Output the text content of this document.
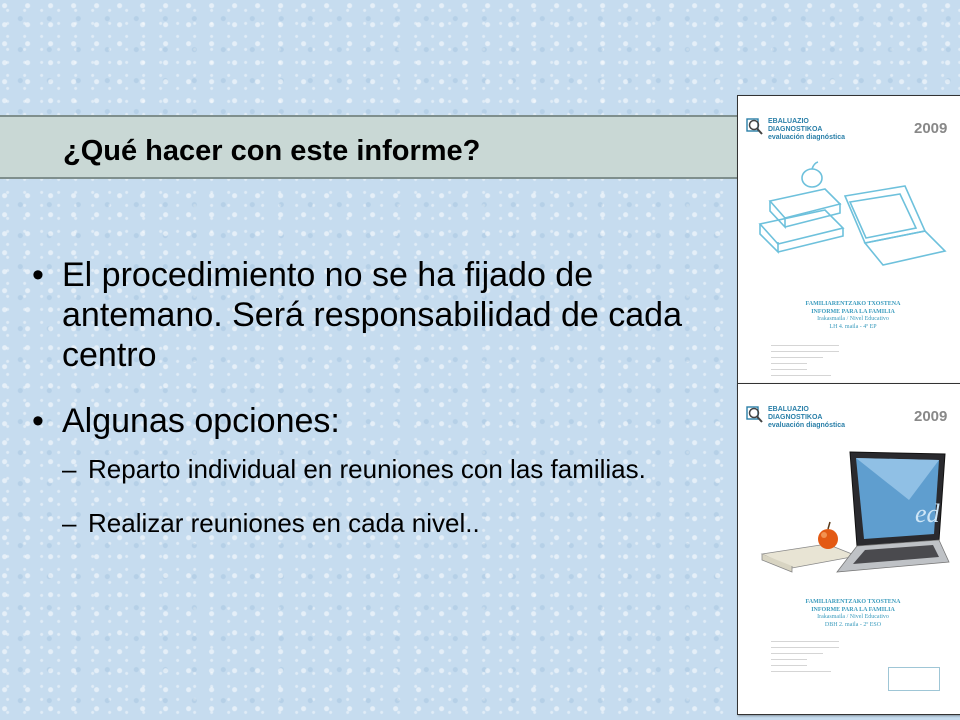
¿Qué hacer con este informe?
• El procedimiento no se ha fijado de antemano. Será responsabilidad de cada centro
• Algunas opciones:
– Reparto individual en reuniones con las familias.
– Realizar reuniones en cada nivel..
EBALUAZIO DIAGNOSTIKOA evaluación diagnóstica
2009
FAMILIARENTZAKO TXOSTENA
INFORME PARA LA FAMILIA
Irakasmaila / Nivel Educativo
LH 4. maila - 4º EP
—————————————————
—————————————————
—————————————
—————————
—————————
———————————————
EBALUAZIO DIAGNOSTIKOA evaluación diagnóstica
2009
ed
FAMILIARENTZAKO TXOSTENA
INFORME PARA LA FAMILIA
Irakasmaila / Nivel Educativo
DBH 2. maila - 2º ESO
—————————————————
—————————————————
—————————————
—————————
—————————
———————————————
